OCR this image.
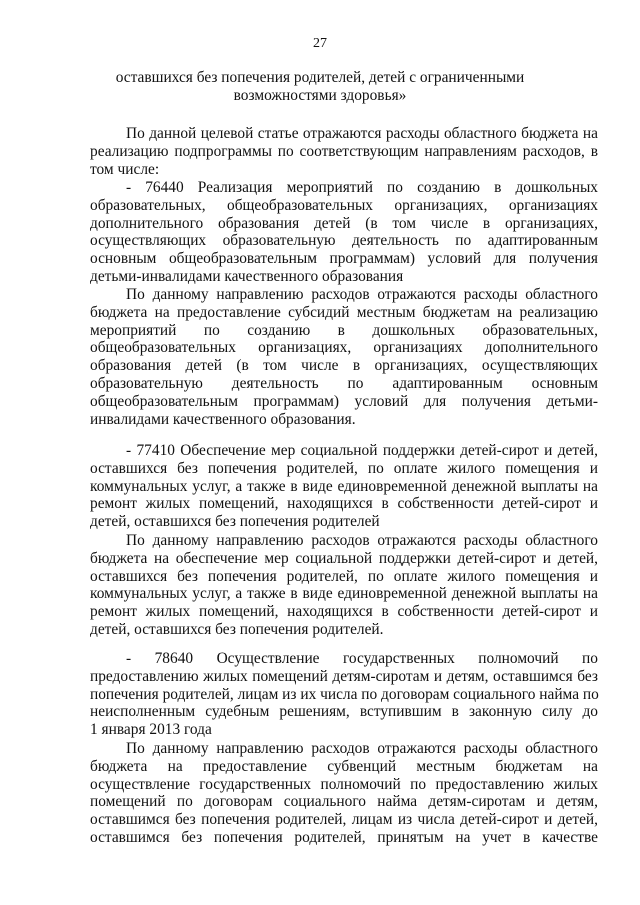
27
оставшихся без попечения родителей, детей с ограниченными
возможностями здоровья»
По данной целевой статье отражаются расходы областного бюджета на
реализацию подпрограммы по соответствующим направлениям расходов, в
том числе:
- 76440 Реализация мероприятий по созданию в дошкольных
образовательных, общеобразовательных организациях, организациях
дополнительного образования детей (в том числе в организациях,
осуществляющих образовательную деятельность по адаптированным
основным общеобразовательным программам) условий для получения
детьми-инвалидами качественного образования
По данному направлению расходов отражаются расходы областного
бюджета на предоставление субсидий местным бюджетам на реализацию
мероприятий по созданию в дошкольных образовательных,
общеобразовательных организациях, организациях дополнительного
образования детей (в том числе в организациях, осуществляющих
образовательную деятельность по адаптированным основным
общеобразовательным программам) условий для получения детьми-
инвалидами качественного образования.
- 77410 Обеспечение мер социальной поддержки детей-сирот и детей,
оставшихся без попечения родителей, по оплате жилого помещения и
коммунальных услуг, а также в виде единовременной денежной выплаты на
ремонт жилых помещений, находящихся в собственности детей-сирот и
детей, оставшихся без попечения родителей
По данному направлению расходов отражаются расходы областного
бюджета на обеспечение мер социальной поддержки детей-сирот и детей,
оставшихся без попечения родителей, по оплате жилого помещения и
коммунальных услуг, а также в виде единовременной денежной выплаты на
ремонт жилых помещений, находящихся в собственности детей-сирот и
детей, оставшихся без попечения родителей.
- 78640 Осуществление государственных полномочий по
предоставлению жилых помещений детям-сиротам и детям, оставшимся без
попечения родителей, лицам из их числа по договорам социального найма по
неисполненным судебным решениям, вступившим в законную силу до
1 января 2013 года
По данному направлению расходов отражаются расходы областного
бюджета на предоставление субвенций местным бюджетам на
осуществление государственных полномочий по предоставлению жилых
помещений по договорам социального найма детям-сиротам и детям,
оставшимся без попечения родителей, лицам из числа детей-сирот и детей,
оставшимся без попечения родителей, принятым на учет в качестве
